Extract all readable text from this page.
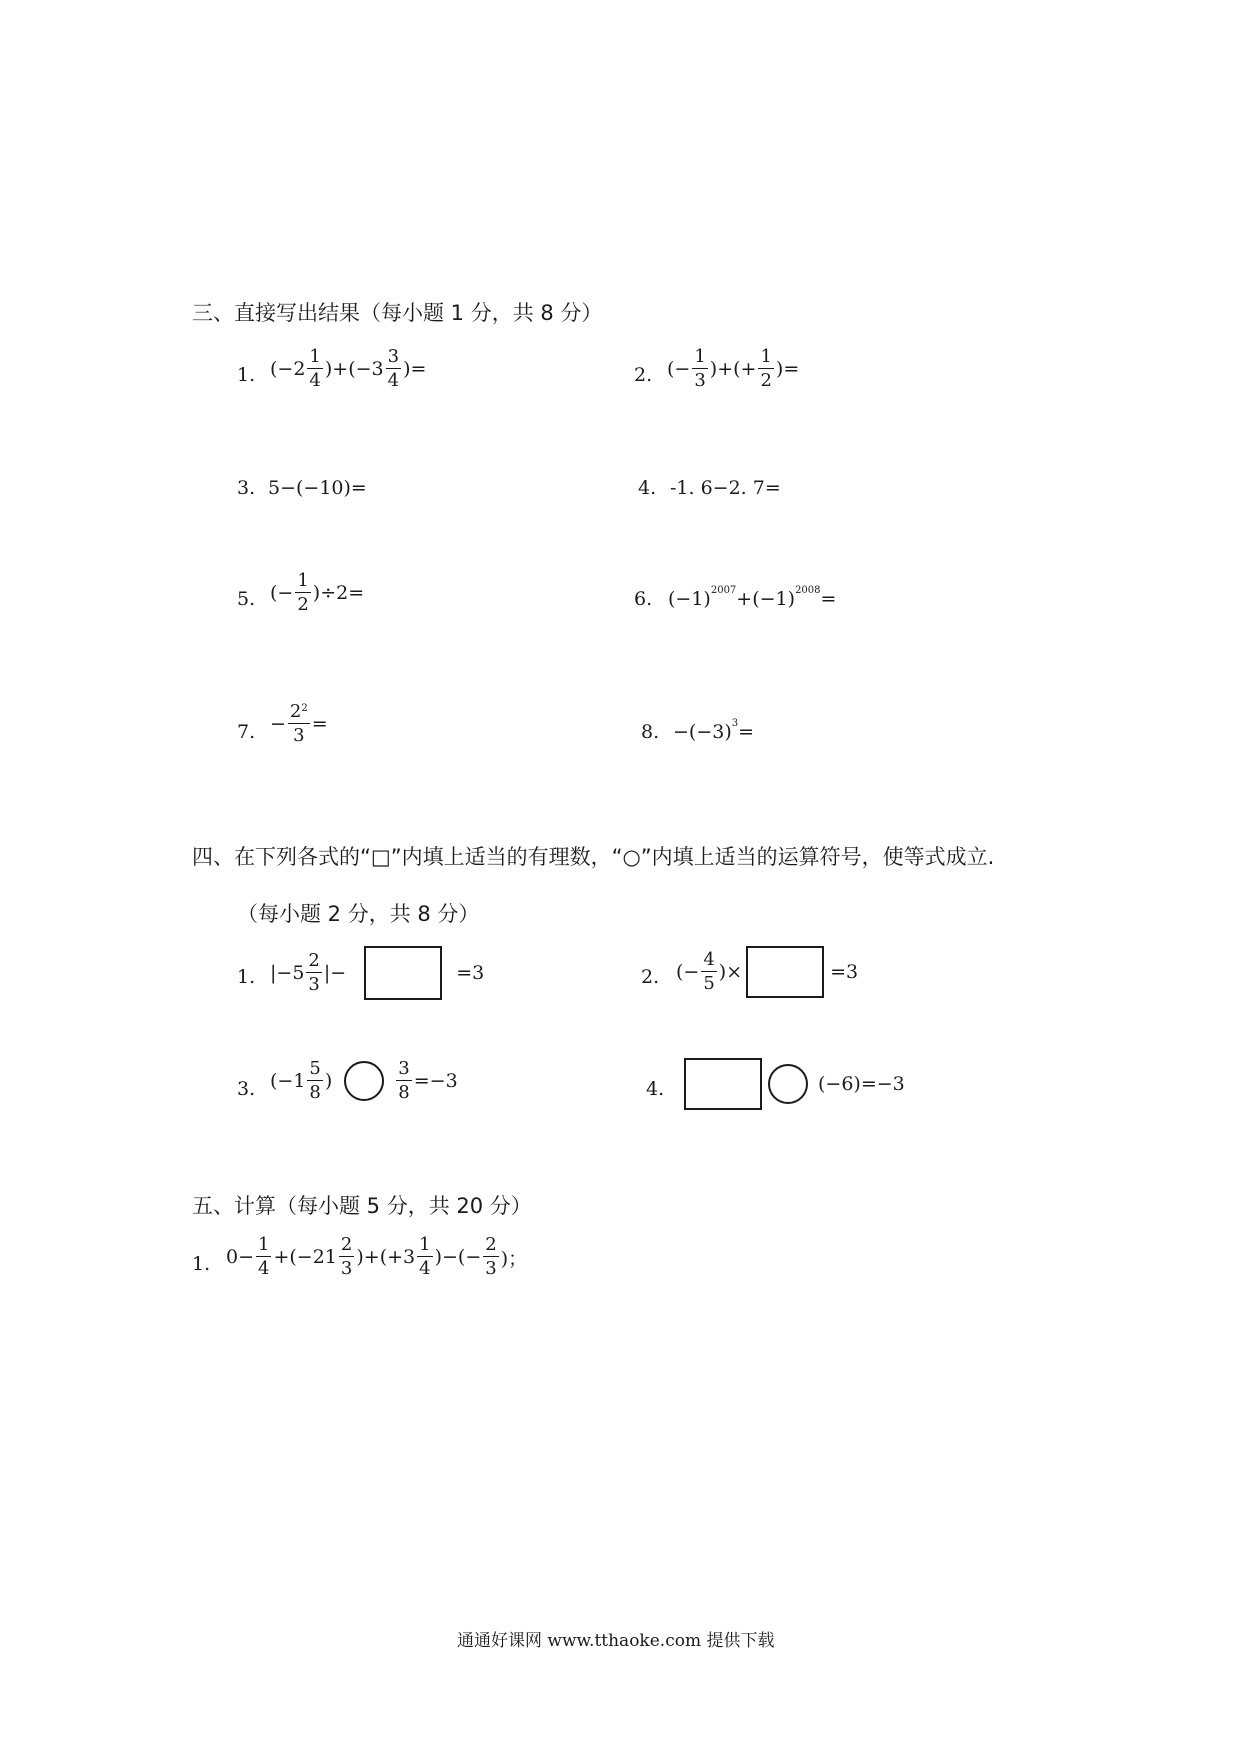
三、直接写出结果（每小题 1 分，共 8 分）
1. $(-2 \frac{1}{4} )+(-3 \frac{3}{4}$ )=	2. (− $\frac{1}{3}$ )+(+ $\frac{1}{2}$ )=
3. 5−(−10)=	4. -1. 6−2. 7=
5. (− $\frac{1}{2} )\div 2=$	6. (−1) 2007 +(−1) 2008 =
7. − $\frac{2^2}{3}$ =	8. −(−3) 3 =
四、在下列各式的“□”内填上适当的有理数，“○”内填上适当的运算符号，使等式成立.
（每小题 2 分，共 8 分）
1. $|-5 \frac{2}{3}$ |−	=3	2. (− $\frac{4}{5}$ )×	=3
3. ($-1 \frac{5}{8}$ )	$\frac{3}{8} =-3$	4.	(−6)=−3
五、计算（每小题 5 分，共 20 分）
1. $0- \frac{1}{4} +(-21 \frac{2}{3} )+(+3 \frac{1}{4}$ )−(− $\frac{2}{3}$ )；
通通好课网 www.tthaoke.com 提供下载
